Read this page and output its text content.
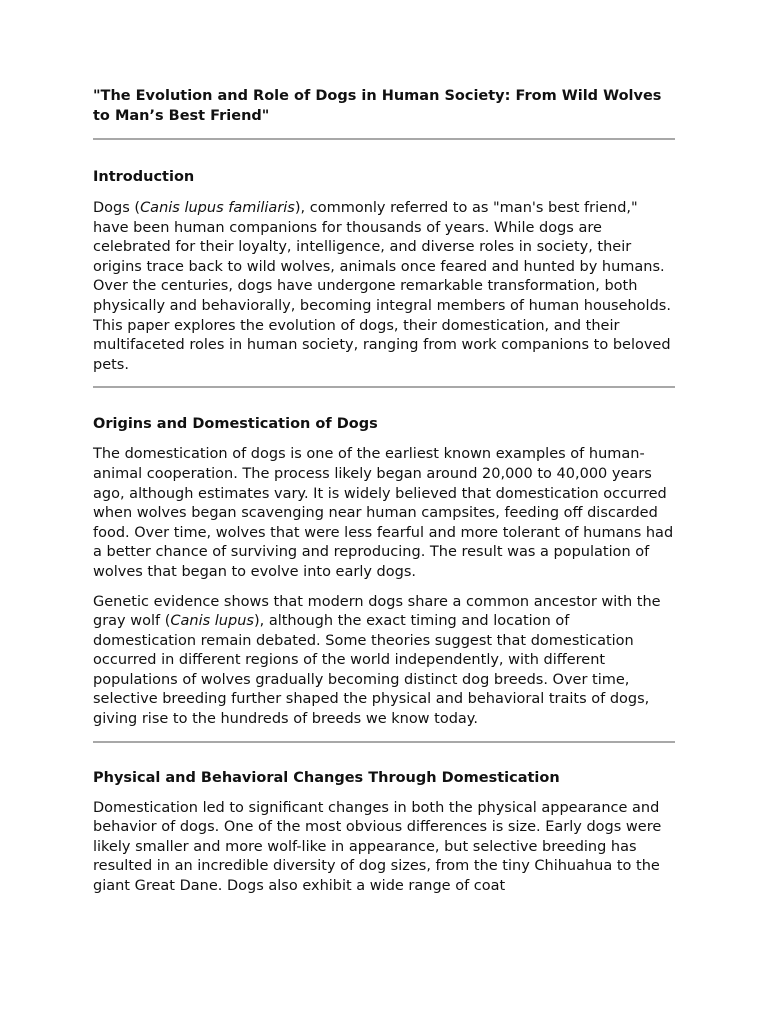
"The Evolution and Role of Dogs in Human Society: From Wild Wolves to Man’s Best Friend"
Introduction

Dogs (Canis lupus familiaris), commonly referred to as "man's best friend," have been human companions for thousands of years. While dogs are celebrated for their loyalty, intelligence, and diverse roles in society, their origins trace back to wild wolves, animals once feared and hunted by humans. Over the centuries, dogs have undergone remarkable transformation, both physically and behaviorally, becoming integral members of human households. This paper explores the evolution of dogs, their domestication, and their multifaceted roles in human society, ranging from work companions to beloved pets.

Origins and Domestication of Dogs

The domestication of dogs is one of the earliest known examples of human-animal cooperation. The process likely began around 20,000 to 40,000 years ago, although estimates vary. It is widely believed that domestication occurred when wolves began scavenging near human campsites, feeding off discarded food. Over time, wolves that were less fearful and more tolerant of humans had a better chance of surviving and reproducing. The result was a population of wolves that began to evolve into early dogs.

Genetic evidence shows that modern dogs share a common ancestor with the gray wolf (Canis lupus), although the exact timing and location of domestication remain debated. Some theories suggest that domestication occurred in different regions of the world independently, with different populations of wolves gradually becoming distinct dog breeds. Over time, selective breeding further shaped the physical and behavioral traits of dogs, giving rise to the hundreds of breeds we know today.

Physical and Behavioral Changes Through Domestication

Domestication led to significant changes in both the physical appearance and behavior of dogs. One of the most obvious differences is size. Early dogs were likely smaller and more wolf-like in appearance, but selective breeding has resulted in an incredible diversity of dog sizes, from the tiny Chihuahua to the giant Great Dane. Dogs also exhibit a wide range of coat
